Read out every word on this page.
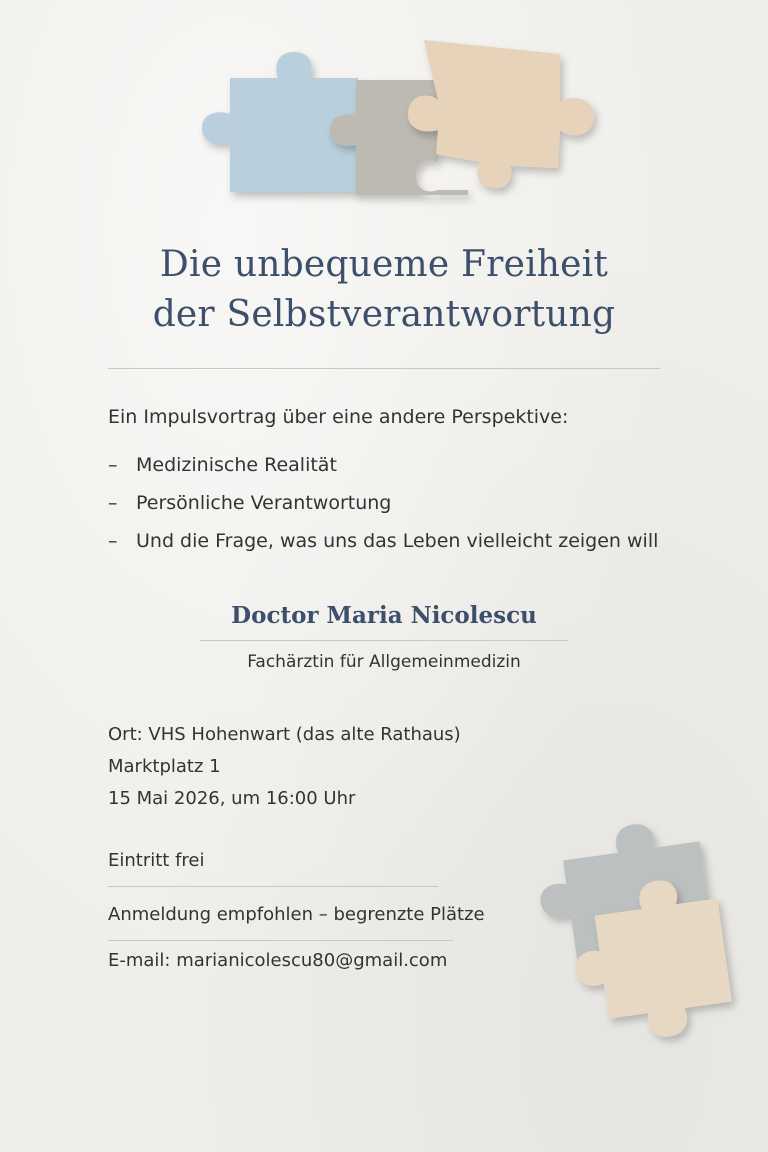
Die unbequeme Freiheit
der Selbstverantwortung
Ein Impulsvortrag über eine andere Perspektive:
– Medizinische Realität
– Persönliche Verantwortung
– Und die Frage, was uns das Leben vielleicht zeigen will
Doctor Maria Nicolescu
Fachärztin für Allgemeinmedizin
Ort: VHS Hohenwart (das alte Rathaus)
Marktplatz 1
15 Mai 2026, um 16:00 Uhr
Eintritt frei
Anmeldung empfohlen – begrenzte Plätze
E-mail: marianicolescu80@gmail.com
